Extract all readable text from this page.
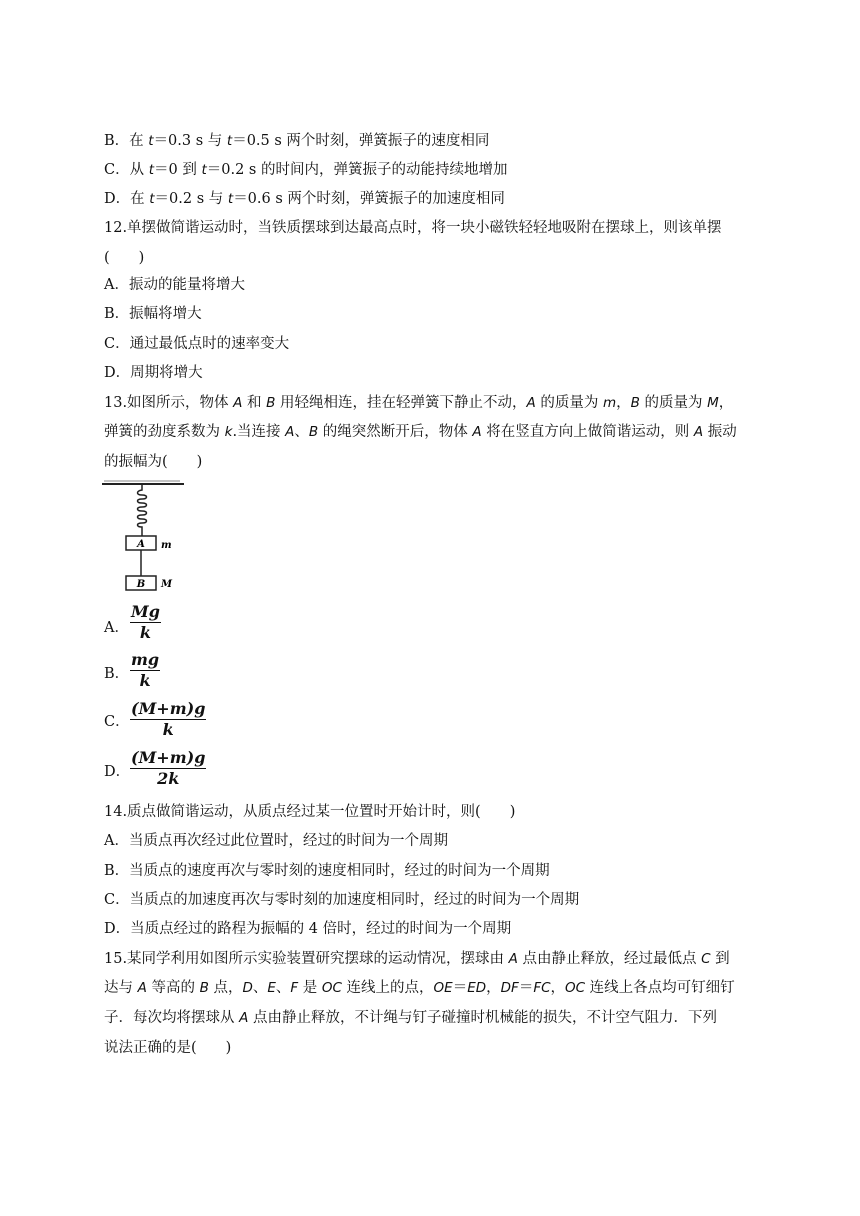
B．在 t＝0.3 s 与 t＝0.5 s 两个时刻，弹簧振子的速度相同
C．从 t＝0 到 t＝0.2 s 的时间内，弹簧振子的动能持续地增加
D．在 t＝0.2 s 与 t＝0.6 s 两个时刻，弹簧振子的加速度相同
12.单摆做简谐运动时，当铁质摆球到达最高点时，将一块小磁铁轻轻地吸附在摆球上，则该单摆
(　　)
A．振动的能量将增大
B．振幅将增大
C．通过最低点时的速率变大
D．周期将增大
13.如图所示，物体 A 和 B 用轻绳相连，挂在轻弹簧下静止不动，A 的质量为 m，B 的质量为 M，
弹簧的劲度系数为 k.当连接 A、B 的绳突然断开后，物体 A 将在竖直方向上做简谐运动，则 A 振动
的振幅为(　　)
A m
B M
A．
Mg
k
B．
mg
k
C．
(M+m)g
k
D．
(M+m)g
2k
14.质点做简谐运动，从质点经过某一位置时开始计时，则(　　)
A．当质点再次经过此位置时，经过的时间为一个周期
B．当质点的速度再次与零时刻的速度相同时，经过的时间为一个周期
C．当质点的加速度再次与零时刻的加速度相同时，经过的时间为一个周期
D．当质点经过的路程为振幅的 4 倍时，经过的时间为一个周期
15.某同学利用如图所示实验装置研究摆球的运动情况，摆球由 A 点由静止释放，经过最低点 C 到
达与 A 等高的 B 点，D、E、F 是 OC 连线上的点，OE＝ED，DF＝FC，OC 连线上各点均可钉细钉
子．每次均将摆球从 A 点由静止释放，不计绳与钉子碰撞时机械能的损失，不计空气阻力．下列
说法正确的是(　　)
